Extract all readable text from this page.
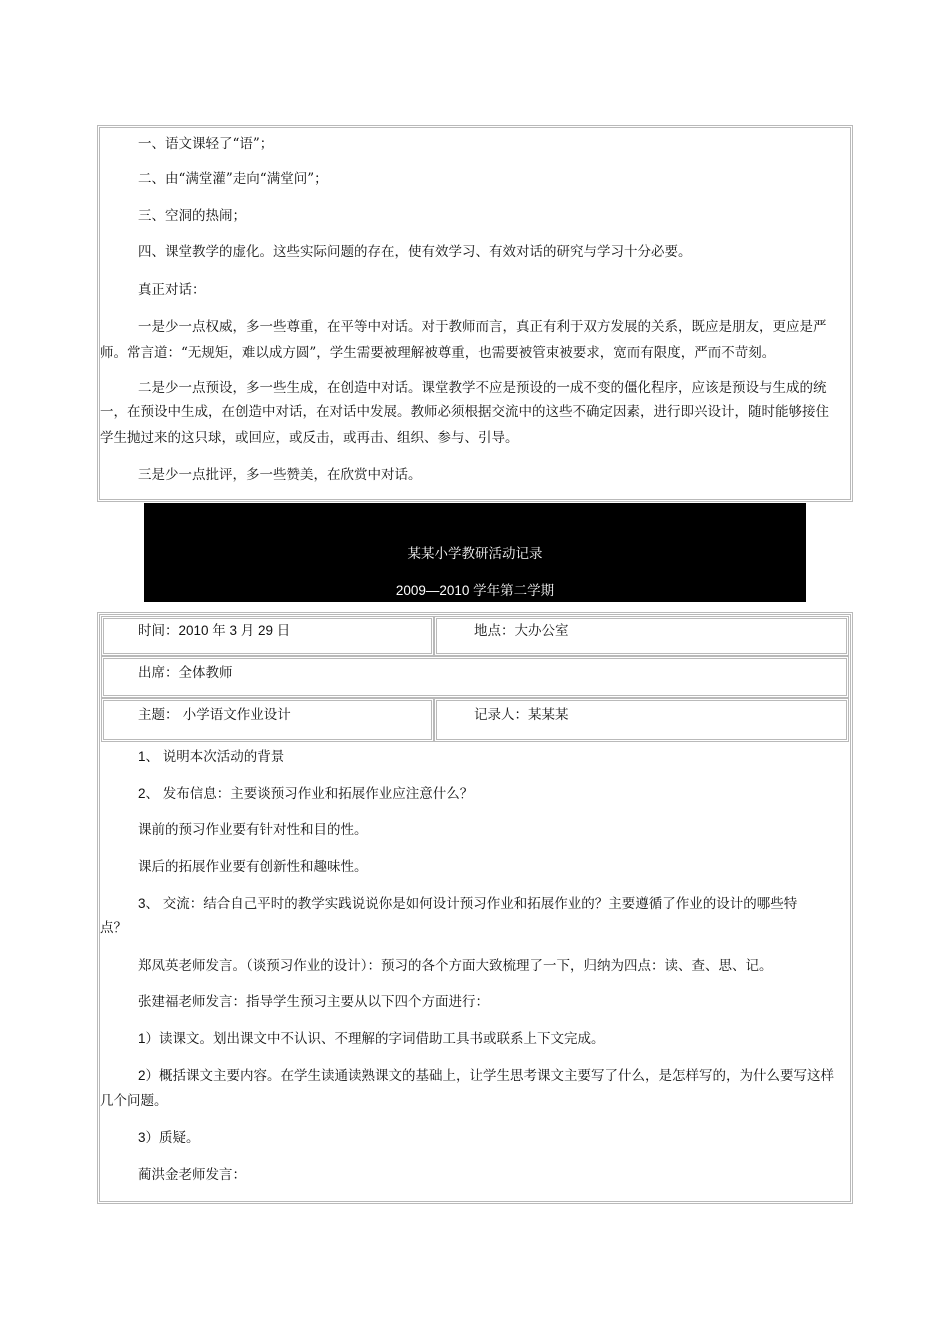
一、语文课轻了“语”；
二、由“满堂灌”走向“满堂问”；
三、空洞的热闹；
四、课堂教学的虚化。这些实际问题的存在，使有效学习、有效对话的研究与学习十分必要。
真正对话：
一是少一点权威，多一些尊重，在平等中对话。对于教师而言，真正有利于双方发展的关系，既应是朋友，更应是严
师。常言道：“无规矩，难以成方圆”，学生需要被理解被尊重，也需要被管束被要求，宽而有限度，严而不苛刻。
二是少一点预设，多一些生成，在创造中对话。课堂教学不应是预设的一成不变的僵化程序，应该是预设与生成的统
一，在预设中生成，在创造中对话，在对话中发展。教师必须根据交流中的这些不确定因素，进行即兴设计，随时能够接住
学生抛过来的这只球，或回应，或反击，或再击、组织、参与、引导。
三是少一点批评，多一些赞美，在欣赏中对话。
某某小学教研活动记录
2009—2010 学年第二学期
时间：2010 年 3 月 29 日	地点：大办公室
出席：全体教师
主题： 小学语文作业设计	记录人：某某某
1、 说明本次活动的背景
2、 发布信息：主要谈预习作业和拓展作业应注意什么？
课前的预习作业要有针对性和目的性。
课后的拓展作业要有创新性和趣味性。
3、 交流：结合自己平时的教学实践说说你是如何设计预习作业和拓展作业的？主要遵循了作业的设计的哪些特
点？
郑凤英老师发言。（谈预习作业的设计）：预习的各个方面大致梳理了一下，归纳为四点：读、查、思、记。
张建福老师发言：指导学生预习主要从以下四个方面进行：
1）读课文。划出课文中不认识、不理解的字词借助工具书或联系上下文完成。
2）概括课文主要内容。在学生读通读熟课文的基础上，让学生思考课文主要写了什么，是怎样写的，为什么要写这样
几个问题。
3）质疑。
蔺洪金老师发言：
